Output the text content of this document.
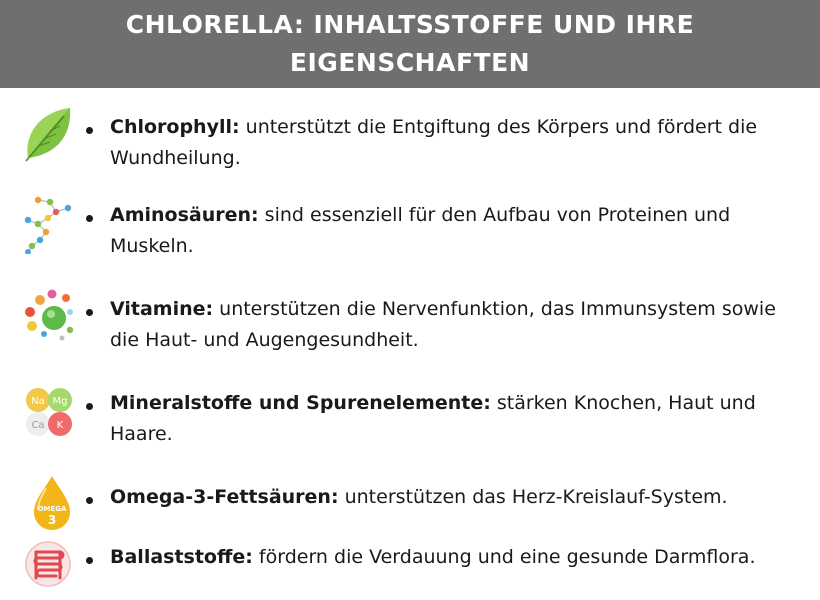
CHLORELLA: INHALTSSTOFFE UND IHRE EIGENSCHAFTEN
Chlorophyll: unterstützt die Entgiftung des Körpers und fördert die Wundheilung.
Aminosäuren: sind essenziell für den Aufbau von Proteinen und Muskeln.
Vitamine: unterstützen die Nervenfunktion, das Immunsystem sowie die Haut- und Augengesundheit.
Na Mg
Ca K
Mineralstoffe und Spurenelemente: stärken Knochen, Haut und Haare.
OMEGA
3
Omega-3-Fettsäuren: unterstützen das Herz-Kreislauf-System.
Ballaststoffe: fördern die Verdauung und eine gesunde Darmflora.
